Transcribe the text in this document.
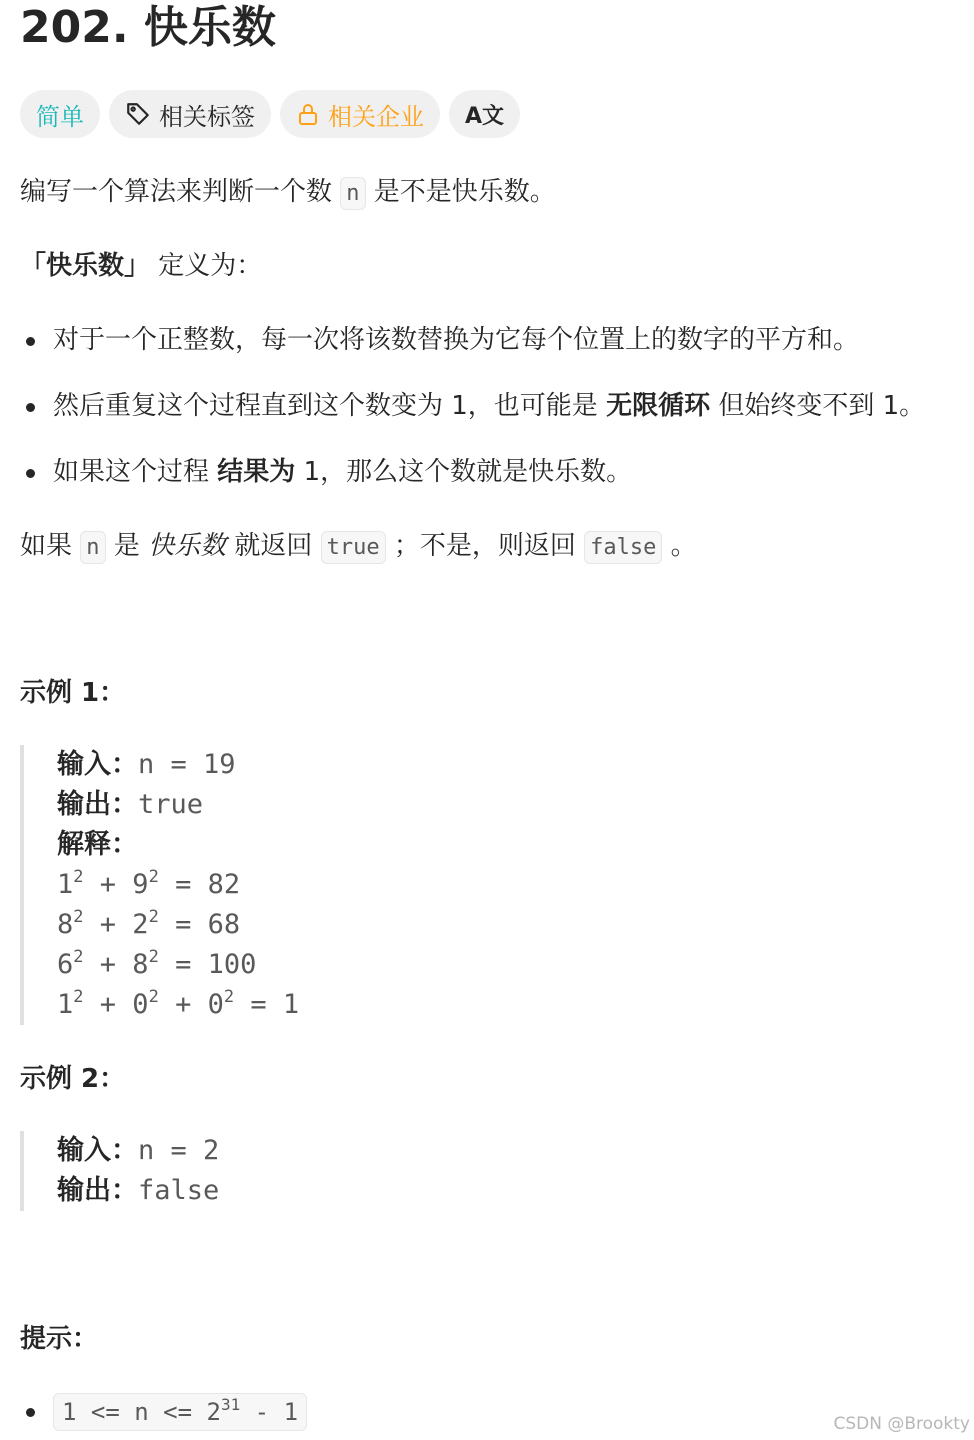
202. 快乐数
简单	相关标签	相关企业 A文

编写一个算法来判断一个数 n 是不是快乐数。

「快乐数」 定义为：

对于一个正整数，每一次将该数替换为它每个位置上的数字的平方和。
然后重复这个过程直到这个数变为 1，也可能是 无限循环 但始终变不到 1。
如果这个过程 结果为 1，那么这个数就是快乐数。

如果 n 是 快乐数 就返回 true ；不是，则返回 false 。

示例 1：
输入：n = 19
输出：true
解释：
$1^2 + 9^2 = 82$
$8^2 + 2^2 = 68$
$6^2 + 8^2 = 100$
$1^2 + 0^2 + 0^2 = 1$
示例 2：
输入：n = 2
输出：false
提示：
$1 <= n <= 2^{31} - 1$	CSDN @Brookty
